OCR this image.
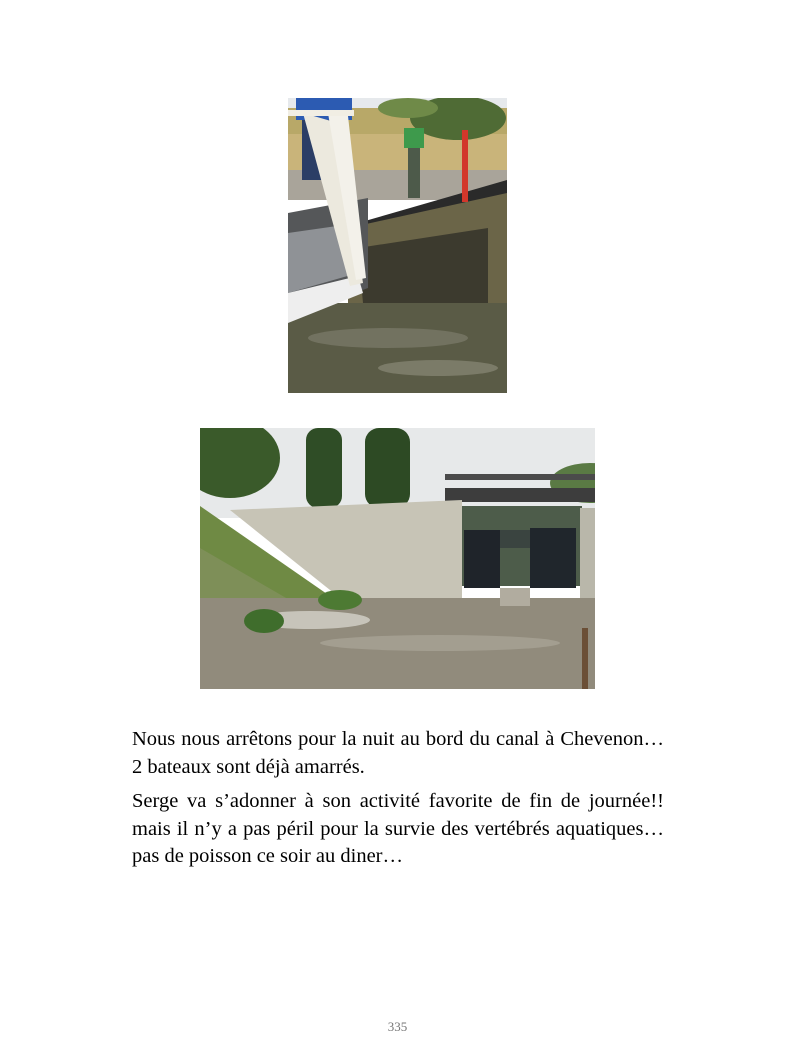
Nous nous arrêtons pour la nuit au bord du canal à Chevenon… 2 bateaux sont déjà amarrés.

Serge va s’adonner à son activité favorite de fin de journée!! mais il n’y a pas péril pour la survie des vertébrés aquatiques… pas de poisson ce soir au diner…

335
